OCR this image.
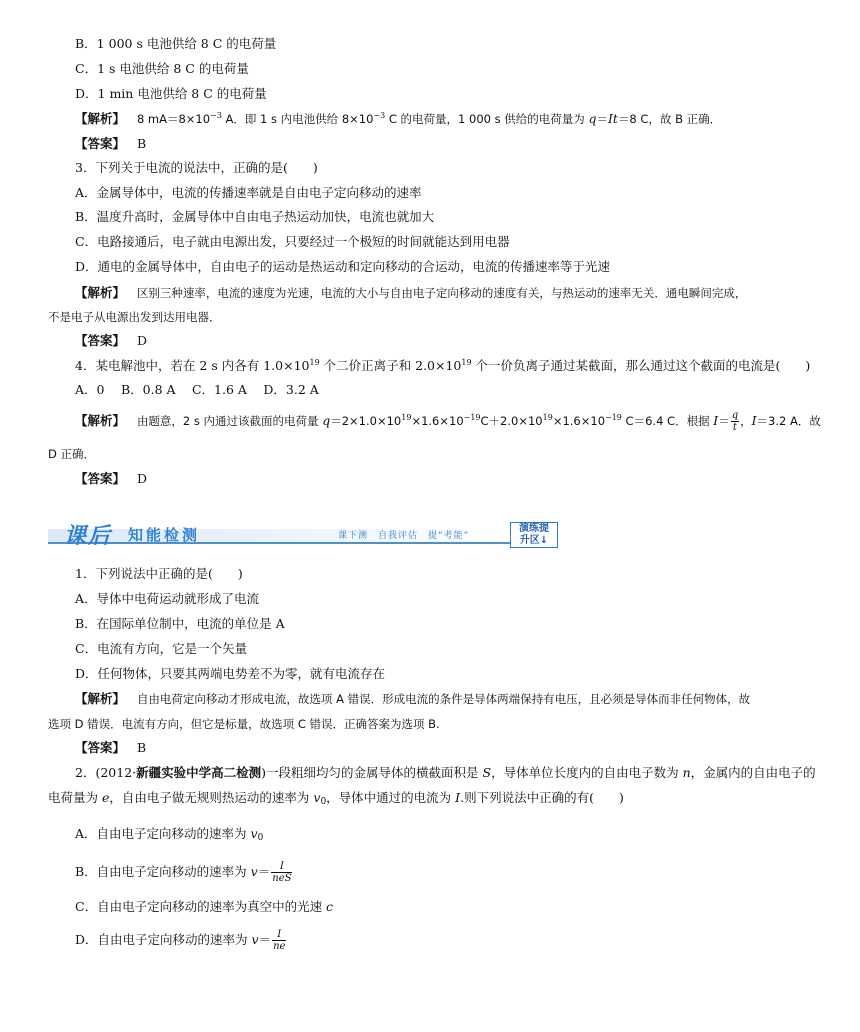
B．1 000 s 电池供给 8 C 的电荷量
C．1 s 电池供给 8 C 的电荷量
D．1 min 电池供给 8 C 的电荷量
【解析】 8 $mA=8\times 10^{-3}$ A．即 1 s 内电池供给 $8\times 10^{-3}$ C 的电荷量，1 000 s 供给的电荷量为 q＝It＝8 C，故 B 正确．
【答案】 B
3．下列关于电流的说法中，正确的是(　　)
A．金属导体中，电流的传播速率就是自由电子定向移动的速率
B．温度升高时，金属导体中自由电子热运动加快，电流也就加大
C．电路接通后，电子就由电源出发，只要经过一个极短的时间就能达到用电器
D．通电的金属导体中，自由电子的运动是热运动和定向移动的合运动，电流的传播速率等于光速
【解析】 区别三种速率，电流的速度为光速，电流的大小与自由电子定向移动的速度有关，与热运动的速率无关．通电瞬间完成，
不是电子从电源出发到达用电器．
【答案】 D
4．某电解池中，若在 2 s 内各有 $1.0\times 10^{19}$ 个二价正离子和 $2.0\times 10^{19}$ 个一价负离子通过某截面，那么通过这个截面的电流是(　　)
A．0　 B．0.8 A　 C．1.6 A　 D．3.2 A
【解析】 由题意，2 s 内通过该截面的电荷量 $q=2\times 1.0\times 10^{19}\times 1.6\times 10^{-19}C+2.0\times 10^{19}\times 1.6\times 10^{-19}$ C＝6.4 C．根据 $I= \frac{q}{t}$ ，I＝3.2 A．故
D 正确．
【答案】 D
课后 知能检测	课下测　自我评估　提“考能”
演练提
升区↓
1．下列说法中正确的是(　　)
A．导体中电荷运动就形成了电流
B．在国际单位制中，电流的单位是 A
C．电流有方向，它是一个矢量
D．任何物体，只要其两端电势差不为零，就有电流存在
【解析】 自由电荷定向移动才形成电流，故选项 A 错误．形成电流的条件是导体两端保持有电压，且必须是导体而非任何物体，故
选项 D 错误．电流有方向，但它是标量，故选项 C 错误．正确答案为选项 B.
【答案】 B
2．(2012·新疆实验中学高二检测)一段粗细均匀的金属导体的横截面积是 S，导体单位长度内的自由电子数为 n，金属内的自由电子的
电荷量为 e，自由电子做无规则热运动的速率为 $v_0$，导体中通过的电流为 I.则下列说法中正确的有(　　)
A．自由电子定向移动的速率为 $v_0$
B．自由电子定向移动的速率为 $v= \frac{I}{\text{neS}}$
C．自由电子定向移动的速率为真空中的光速 c
D．自由电子定向移动的速率为 $v= \frac{I}{ne}$
